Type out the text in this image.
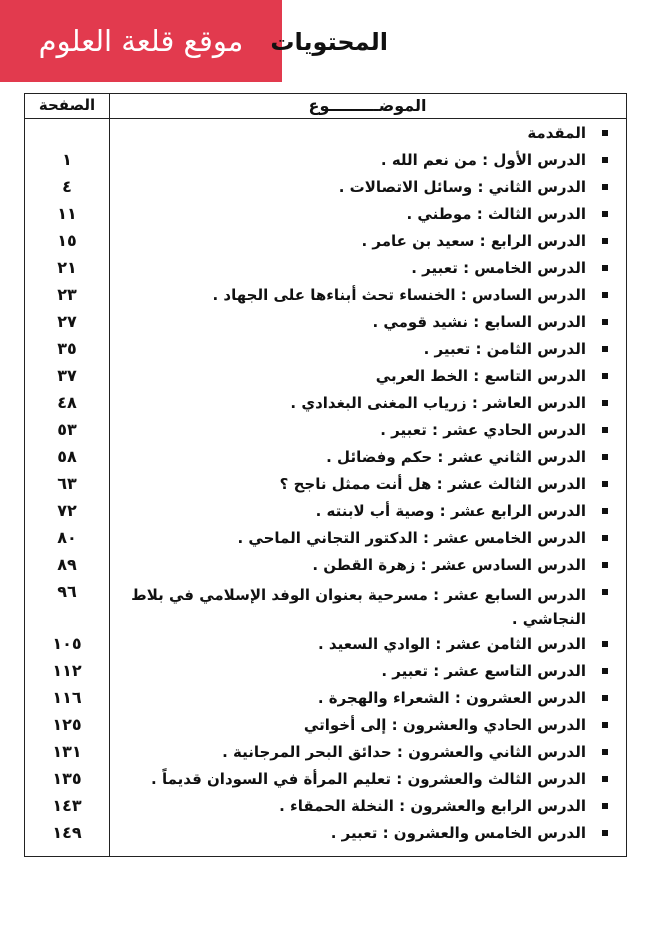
موقع قلعة العلوم المحتويات
الموضـــــــــوع
الصفحة
المقدمة
الدرس الأول : من نعم الله .
١
الدرس الثاني : وسائل الاتصالات .
٤
الدرس الثالث : موطني .
١١
الدرس الرابع : سعيد بن عامر .
١٥
الدرس الخامس : تعبير .
٢١
الدرس السادس : الخنساء تحث أبناءها على الجهاد .
٢٣
الدرس السابع : نشيد قومي .
٢٧
الدرس الثامن : تعبير .
٣٥
الدرس التاسع : الخط العربي
٣٧
الدرس العاشر : زرياب المغنى البغدادي .
٤٨
الدرس الحادي عشر : تعبير .
٥٣
الدرس الثاني عشر : حكم وفضائل .
٥٨
الدرس الثالث عشر : هل أنت ممثل ناجح ؟
٦٣
الدرس الرابع عشر : وصية أب لابنته .
٧٢
الدرس الخامس عشر : الدكتور التجاني الماحي .
٨٠
الدرس السادس عشر : زهرة القطن .
٨٩
الدرس السابع عشر : مسرحية بعنوان الوفد الإسلامي في بلاط النجاشي .
٩٦
الدرس الثامن عشر : الوادي السعيد .
١٠٥
الدرس التاسع عشر : تعبير .
١١٢
الدرس العشرون : الشعراء والهجرة .
١١٦
الدرس الحادي والعشرون : إلى أخواتي
١٢٥
الدرس الثاني والعشرون : حدائق البحر المرجانية .
١٣١
الدرس الثالث والعشرون : تعليم المرأة في السودان قديماً .
١٣٥
الدرس الرابع والعشرون : النخلة الحمقاء .
١٤٣
الدرس الخامس والعشرون : تعبير .
١٤٩
